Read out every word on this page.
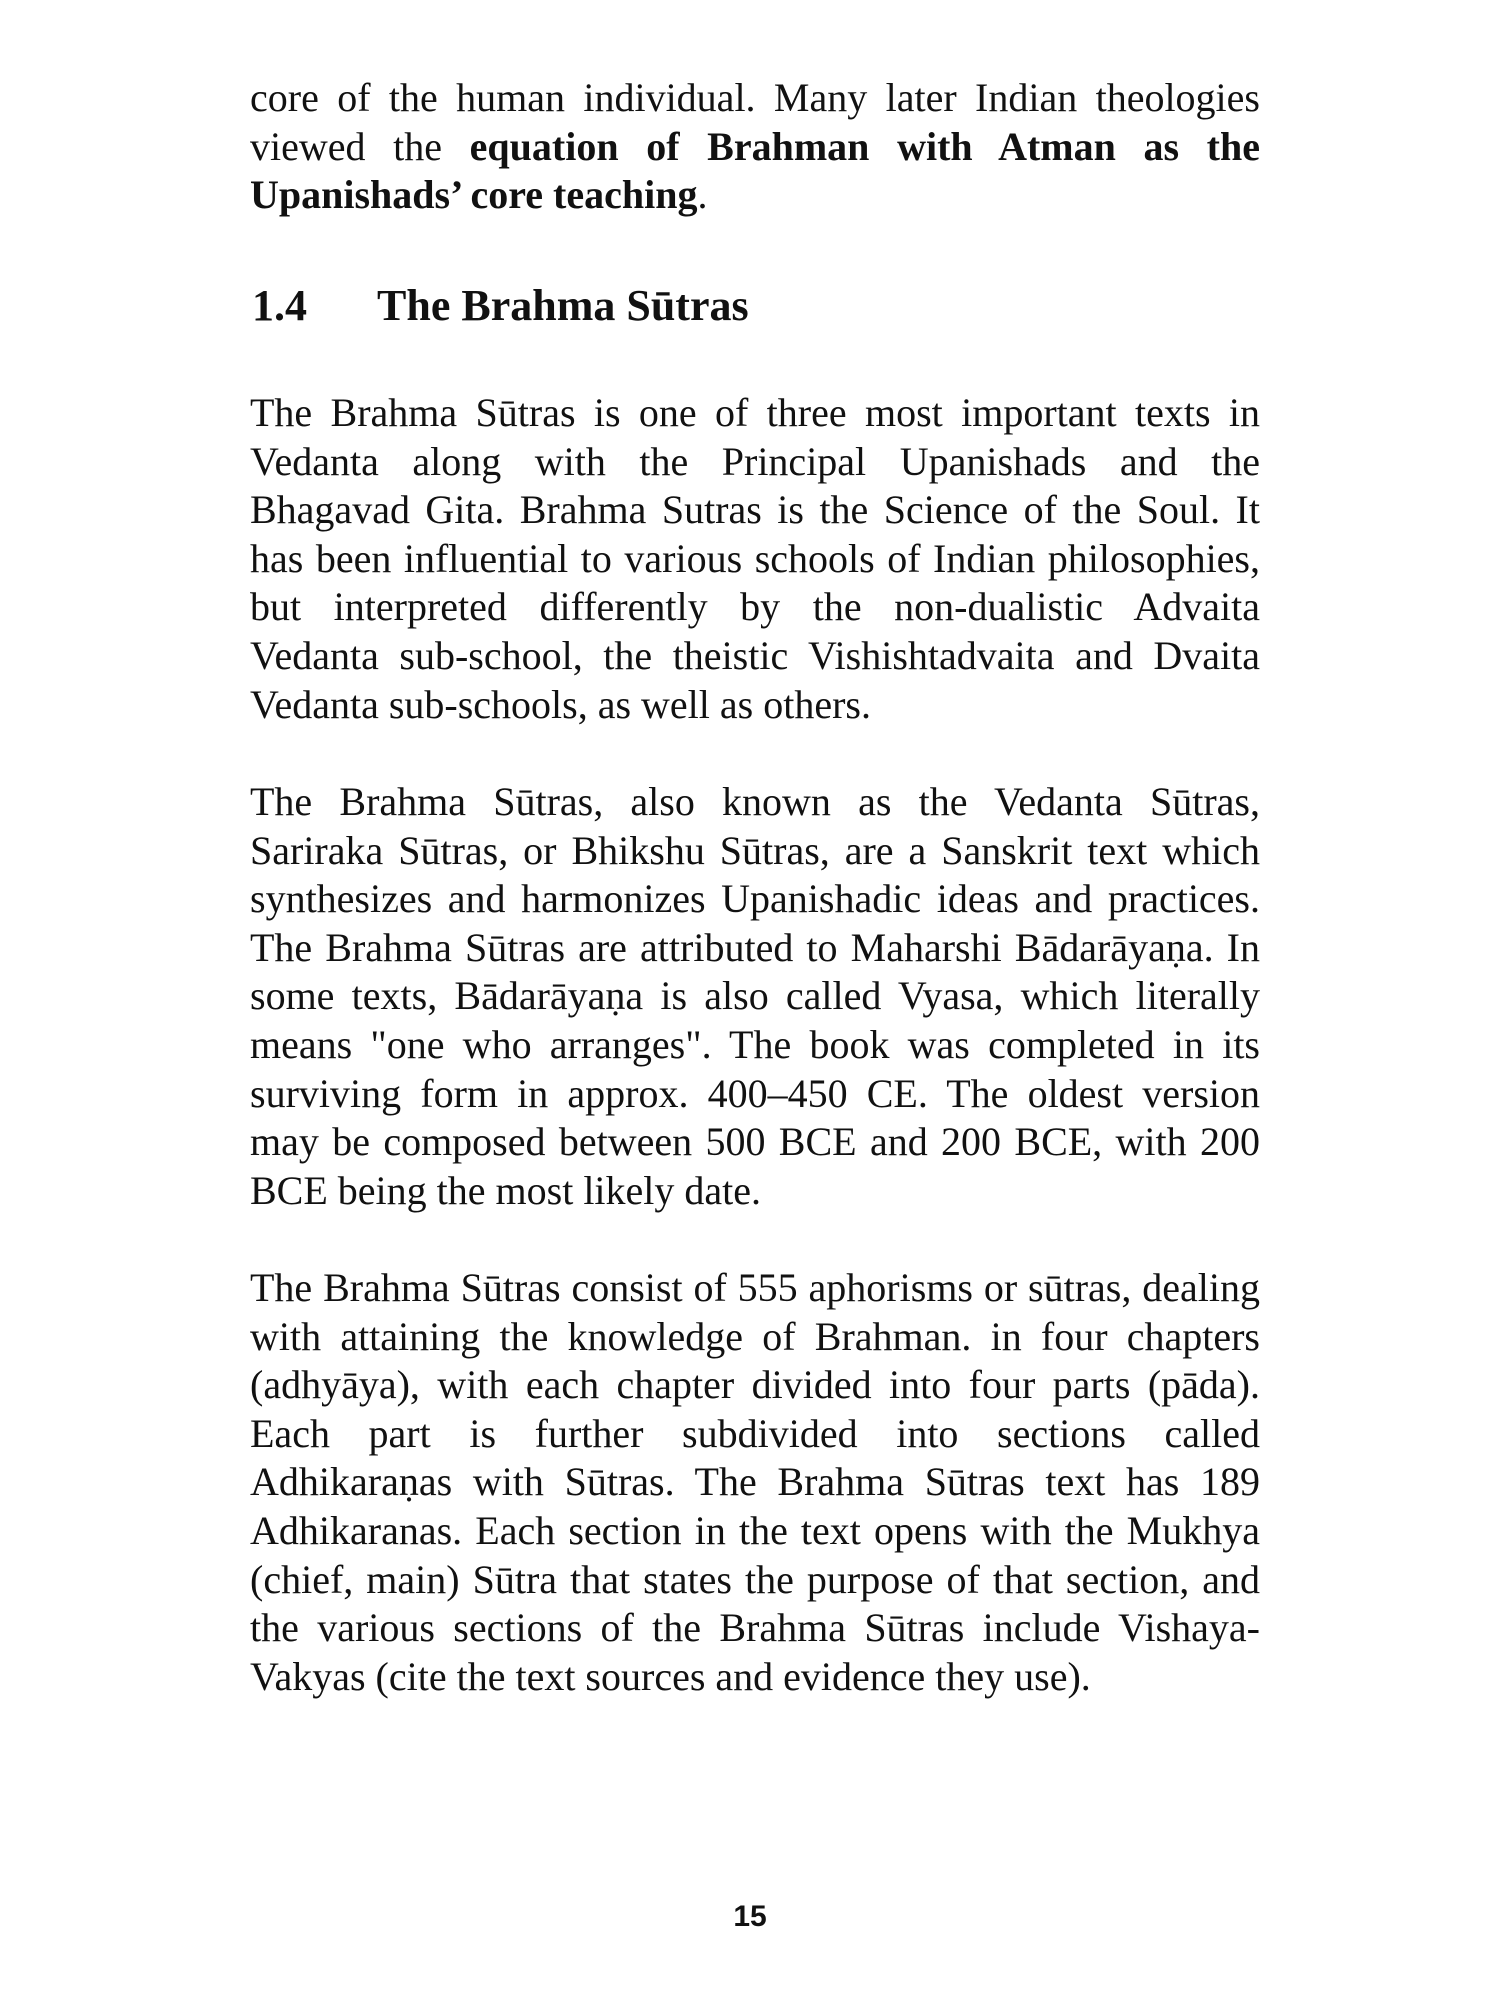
core of the human individual. Many later Indian theologies viewed the equation of Brahman with Atman as the Upanishads’ core teaching.

1.4 The Brahma Sūtras

The Brahma Sūtras is one of three most important texts in Vedanta along with the Principal Upanishads and the Bhagavad Gita. Brahma Sutras is the Science of the Soul. It has been influential to various schools of Indian philosophies, but interpreted differently by the non-dualistic Advaita Vedanta sub-school, the theistic Vishishtadvaita and Dvaita Vedanta sub-schools, as well as others.

The Brahma Sūtras, also known as the Vedanta Sūtras, Sariraka Sūtras, or Bhikshu Sūtras, are a Sanskrit text which synthesizes and harmonizes Upanishadic ideas and practices. The Brahma Sūtras are attributed to Maharshi Bādarāyaṇa. In some texts, Bādarāyaṇa is also called Vyasa, which literally means "one who arranges". The book was completed in its surviving form in approx. 400–450 CE. The oldest version may be composed between 500 BCE and 200 BCE, with 200 BCE being the most likely date.

The Brahma Sūtras consist of 555 aphorisms or sūtras, dealing with attaining the knowledge of Brahman. in four chapters (adhyāya), with each chapter divided into four parts (pāda). Each part is further subdivided into sections called Adhikaraṇas with Sūtras. The Brahma Sūtras text has 189 Adhikaranas. Each section in the text opens with the Mukhya (chief, main) Sūtra that states the purpose of that section, and the various sections of the Brahma Sūtras include Vishaya-Vakyas (cite the text sources and evidence they use).

15
